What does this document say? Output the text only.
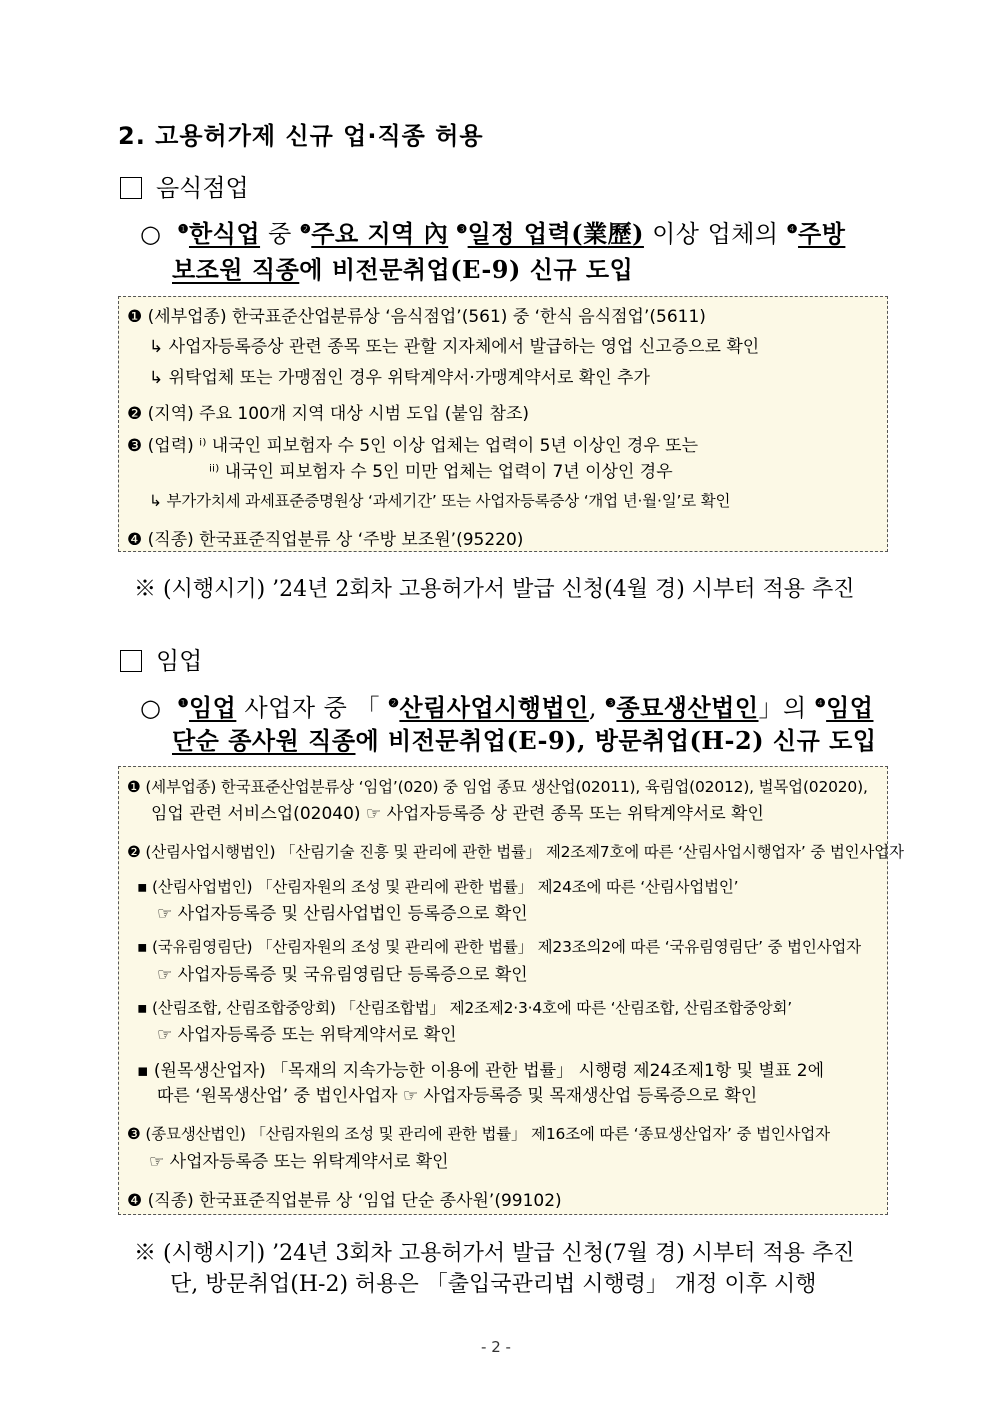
2. 고용허가제 신규 업·직종 허용
음식점업
○ $^❶$한식업 중 $^❷$주요 지역 內 $^❸$일정 업력(業歷) 이상 업체의 $^❹$주방
보조원 직종에 비전문취업(E-9) 신규 도입
❶ (세부업종) 한국표준산업분류상 ‘음식점업’(561) 중 ‘한식 음식점업’(5611)
↳ 사업자등록증상 관련 종목 또는 관할 지자체에서 발급하는 영업 신고증으로 확인
↳ 위탁업체 또는 가맹점인 경우 위탁계약서·가맹계약서로 확인 추가
❷ (지역) 주요 100개 지역 대상 시범 도입 (붙임 참조)
❸ (업력) ⁱ⁾ 내국인 피보험자 수 5인 이상 업체는 업력이 5년 이상인 경우 또는
ⁱⁱ⁾ 내국인 피보험자 수 5인 미만 업체는 업력이 7년 이상인 경우
↳ 부가가치세 과세표준증명원상 ‘과세기간’ 또는 사업자등록증상 ‘개업 년·월·일’로 확인
❹ (직종) 한국표준직업분류 상 ‘주방 보조원’(95220)
※ (시행시기) ’24년 2회차 고용허가서 발급 신청(4월 경) 시부터 적용 추진
임업
○ $^❶$임업 사업자 중 「 $^❷$산림사업시행법인, $^❸$종묘생산법인」의 $^❹$임업
단순 종사원 직종에 비전문취업(E-9), 방문취업(H-2) 신규 도입
❶ (세부업종) 한국표준산업분류상 ‘임업’(020) 중 임업 종묘 생산업(02011), 육림업(02012), 벌목업(02020),
임업 관련 서비스업(02040) ☞ 사업자등록증 상 관련 종목 또는 위탁계약서로 확인
❷ (산림사업시행법인) 「산림기술 진흥 및 관리에 관한 법률」 제2조제7호에 따른 ‘산림사업시행업자’ 중 법인사업자
▪ (산림사업법인) 「산림자원의 조성 및 관리에 관한 법률」 제24조에 따른 ‘산림사업법인’
☞ 사업자등록증 및 산림사업법인 등록증으로 확인
▪ (국유림영림단) 「산림자원의 조성 및 관리에 관한 법률」 제23조의2에 따른 ‘국유림영림단’ 중 법인사업자
☞ 사업자등록증 및 국유림영림단 등록증으로 확인
▪ (산림조합, 산림조합중앙회) 「산림조합법」 제2조제2·3·4호에 따른 ‘산림조합, 산림조합중앙회’
☞ 사업자등록증 또는 위탁계약서로 확인
▪ (원목생산업자) 「목재의 지속가능한 이용에 관한 법률」 시행령 제24조제1항 및 별표 2에
따른 ‘원목생산업’ 중 법인사업자 ☞ 사업자등록증 및 목재생산업 등록증으로 확인
❸ (종묘생산법인) 「산림자원의 조성 및 관리에 관한 법률」 제16조에 따른 ‘종묘생산업자’ 중 법인사업자
☞ 사업자등록증 또는 위탁계약서로 확인
❹ (직종) 한국표준직업분류 상 ‘임업 단순 종사원’(99102)
※ (시행시기) ’24년 3회차 고용허가서 발급 신청(7월 경) 시부터 적용 추진
단, 방문취업(H-2) 허용은 「출입국관리법 시행령」 개정 이후 시행
- 2 -
